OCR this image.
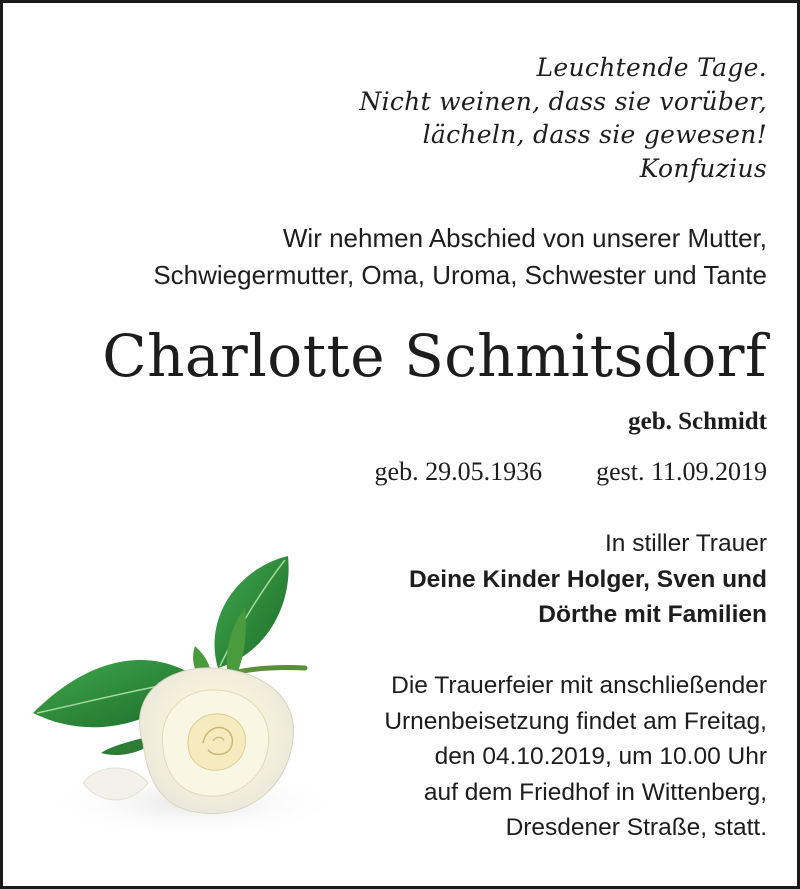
Leuchtende Tage.
Nicht weinen, dass sie vorüber,
lächeln, dass sie gewesen!
Konfuzius
Wir nehmen Abschied von unserer Mutter,
Schwiegermutter, Oma, Uroma, Schwester und Tante
Charlotte Schmitsdorf
geb. Schmidt
geb. 29.05.1936 gest. 11.09.2019
In stiller Trauer
Deine Kinder Holger, Sven und
Dörthe mit Familien
Die Trauerfeier mit anschließender
Urnenbeisetzung findet am Freitag,
den 04.10.2019, um 10.00 Uhr
auf dem Friedhof in Wittenberg,
Dresdener Straße, statt.
